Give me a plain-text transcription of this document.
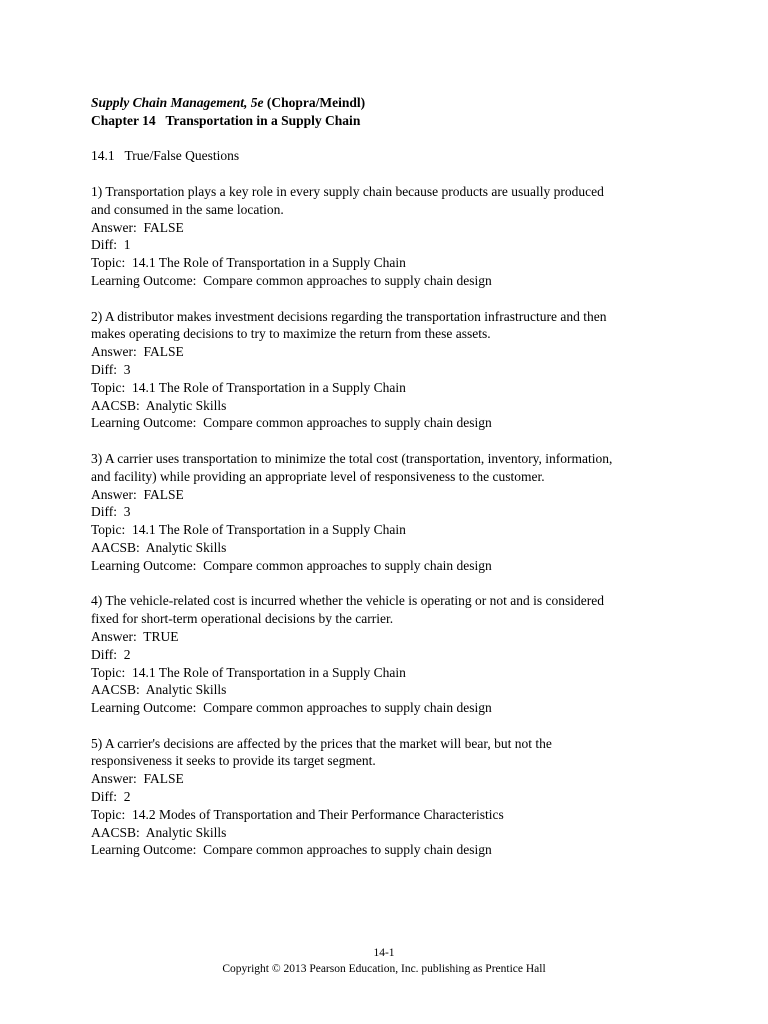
Supply Chain Management, 5e (Chopra/Meindl)
Chapter 14   Transportation in a Supply Chain
14.1   True/False Questions
1) Transportation plays a key role in every supply chain because products are usually produced
and consumed in the same location.
Answer:  FALSE
Diff:  1
Topic:  14.1 The Role of Transportation in a Supply Chain
Learning Outcome:  Compare common approaches to supply chain design
2) A distributor makes investment decisions regarding the transportation infrastructure and then
makes operating decisions to try to maximize the return from these assets.
Answer:  FALSE
Diff:  3
Topic:  14.1 The Role of Transportation in a Supply Chain
AACSB:  Analytic Skills
Learning Outcome:  Compare common approaches to supply chain design
3) A carrier uses transportation to minimize the total cost (transportation, inventory, information,
and facility) while providing an appropriate level of responsiveness to the customer.
Answer:  FALSE
Diff:  3
Topic:  14.1 The Role of Transportation in a Supply Chain
AACSB:  Analytic Skills
Learning Outcome:  Compare common approaches to supply chain design
4) The vehicle-related cost is incurred whether the vehicle is operating or not and is considered
fixed for short-term operational decisions by the carrier.
Answer:  TRUE
Diff:  2
Topic:  14.1 The Role of Transportation in a Supply Chain
AACSB:  Analytic Skills
Learning Outcome:  Compare common approaches to supply chain design
5) A carrier's decisions are affected by the prices that the market will bear, but not the
responsiveness it seeks to provide its target segment.
Answer:  FALSE
Diff:  2
Topic:  14.2 Modes of Transportation and Their Performance Characteristics
AACSB:  Analytic Skills
Learning Outcome:  Compare common approaches to supply chain design
14-1
Copyright © 2013 Pearson Education, Inc. publishing as Prentice Hall
